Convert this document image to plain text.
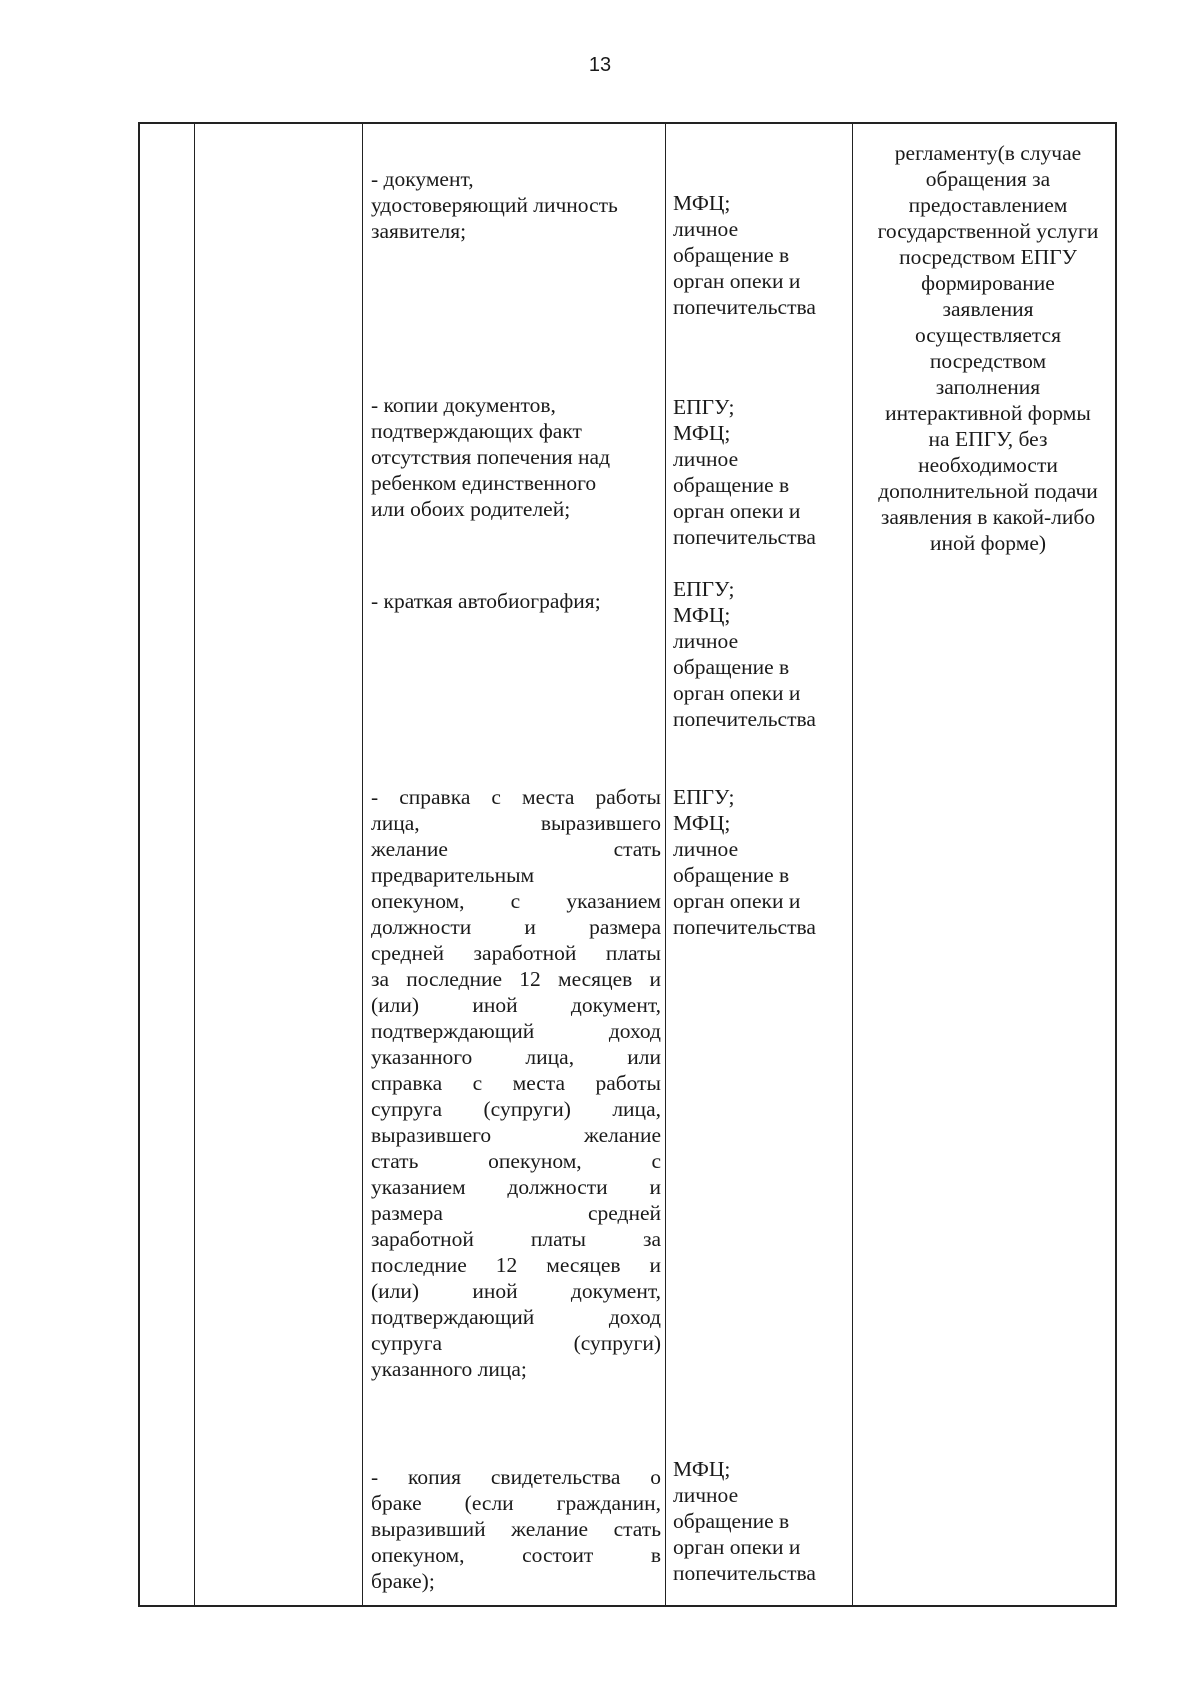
13
регламенту(в случае
обращения за
предоставлением
государственной услуги
посредством ЕПГУ
формирование
заявления
осуществляется
посредством
заполнения
интерактивной формы
на ЕПГУ, без
необходимости
дополнительной подачи
заявления в какой-либо
иной форме)
- документ,
удостоверяющий личность
заявителя;
МФЦ;
личное
обращение в
орган опеки и
попечительства
- копии документов,
подтверждающих факт
отсутствия попечения над
ребенком единственного
или обоих родителей;
ЕПГУ;
МФЦ;
личное
обращение в
орган опеки и
попечительства
- краткая автобиография;	ЕПГУ;
МФЦ;
личное
обращение в
орган опеки и
попечительства
- справка с места работы
лица, выразившего
желание стать
предварительным
опекуном, с указанием
должности и размера
средней заработной платы
за последние 12 месяцев и
(или) иной документ,
подтверждающий доход
указанного лица, или
справка с места работы
супруга (супруги) лица,
выразившего желание
стать опекуном, с
указанием должности и
размера средней
заработной платы за
последние 12 месяцев и
(или) иной документ,
подтверждающий доход
супруга (супруги)
указанного лица;
ЕПГУ;
МФЦ;
личное
обращение в
орган опеки и
попечительства
- копия свидетельства о
браке (если гражданин,
выразивший желание стать
опекуном, состоит в
браке);
МФЦ;
личное
обращение в
орган опеки и
попечительства
